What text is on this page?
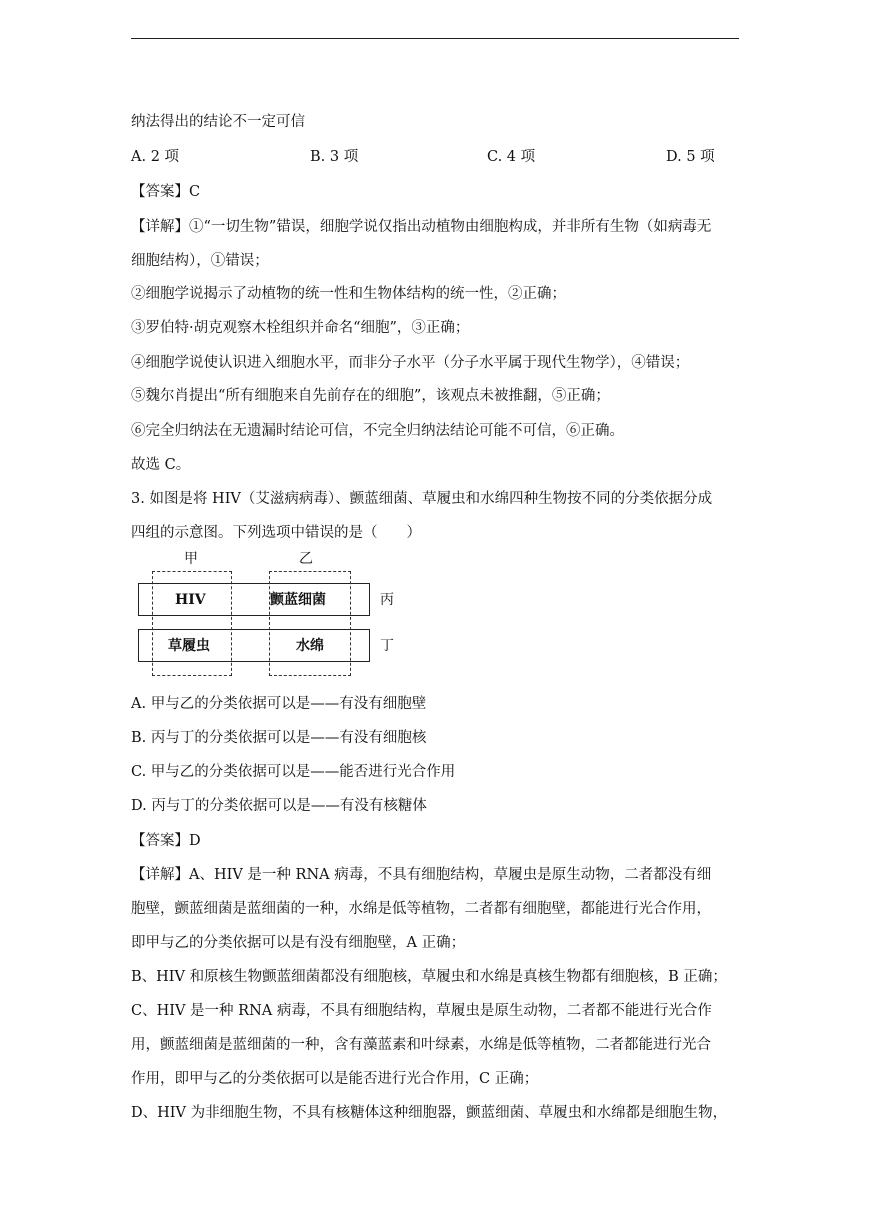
纳法得出的结论不一定可信
A. 2 项	B. 3 项	C. 4 项	D. 5 项
【答案】C
【详解】①“一切生物”错误，细胞学说仅指出动植物由细胞构成，并非所有生物（如病毒无
细胞结构），①错误；
②细胞学说揭示了动植物的统一性和生物体结构的统一性，②正确；
③罗伯特·胡克观察木栓组织并命名“细胞”，③正确；
④细胞学说使认识进入细胞水平，而非分子水平（分子水平属于现代生物学），④错误；
⑤魏尔肖提出“所有细胞来自先前存在的细胞”，该观点未被推翻，⑤正确；
⑥完全归纳法在无遗漏时结论可信，不完全归纳法结论可能不可信，⑥正确。
故选 C。
3. 如图是将 HIV（艾滋病病毒）、颤蓝细菌、草履虫和水绵四种生物按不同的分类依据分成
四组的示意图。下列选项中错误的是（　　）
甲	乙
HIV	颤蓝细菌
草履虫	水绵
丙
丁
A. 甲与乙的分类依据可以是——有没有细胞壁
B. 丙与丁的分类依据可以是——有没有细胞核
C. 甲与乙的分类依据可以是——能否进行光合作用
D. 丙与丁的分类依据可以是——有没有核糖体
【答案】D
【详解】A、HIV 是一种 RNA 病毒，不具有细胞结构，草履虫是原生动物，二者都没有细
胞壁，颤蓝细菌是蓝细菌的一种，水绵是低等植物，二者都有细胞壁，都能进行光合作用，
即甲与乙的分类依据可以是有没有细胞壁，A 正确；
B、HIV 和原核生物颤蓝细菌都没有细胞核，草履虫和水绵是真核生物都有细胞核，B 正确；
C、HIV 是一种 RNA 病毒，不具有细胞结构，草履虫是原生动物，二者都不能进行光合作
用，颤蓝细菌是蓝细菌的一种，含有藻蓝素和叶绿素，水绵是低等植物，二者都能进行光合
作用，即甲与乙的分类依据可以是能否进行光合作用，C 正确；
D、HIV 为非细胞生物，不具有核糖体这种细胞器，颤蓝细菌、草履虫和水绵都是细胞生物，
